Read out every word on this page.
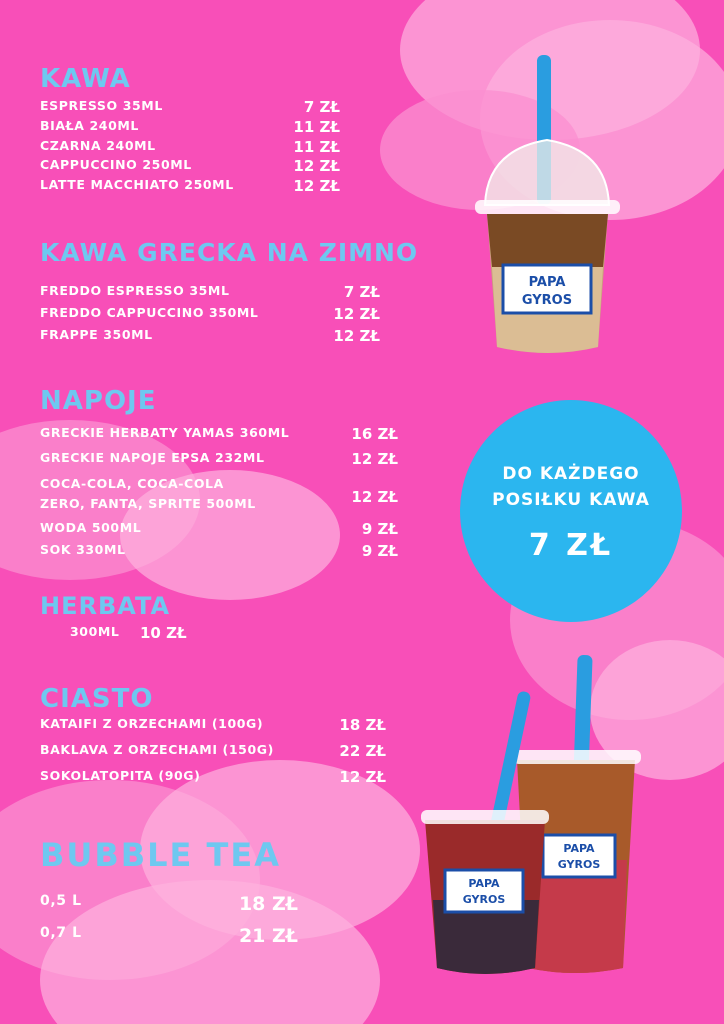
KAWA
ESPRESSO 35ML	7 ZŁ
BIAŁA 240ML	11 ZŁ
CZARNA 240ML	11 ZŁ
CAPPUCCINO 250ML	12 ZŁ
LATTE MACCHIATO 250ML	12 ZŁ
KAWA GRECKA NA ZIMNO
FREDDO ESPRESSO 35ML	7 ZŁ
FREDDO CAPPUCCINO 350ML	12 ZŁ
FRAPPE 350ML	12 ZŁ
NAPOJE
GRECKIE HERBATY YAMAS 360ML	16 ZŁ
GRECKIE NAPOJE EPSA 232ML	12 ZŁ
COCA-COLA, COCA-COLA
ZERO, FANTA, SPRITE 500ML	12 ZŁ
WODA 500ML	9 ZŁ
SOK 330ML	9 ZŁ
HERBATA
300ML 10 ZŁ
CIASTO
KATAIFI Z ORZECHAMI (100G)	18 ZŁ
BAKLAVA Z ORZECHAMI (150G)	22 ZŁ
SOKOLATOPITA (90G)	12 ZŁ
BUBBLE TEA
0,5 L	18 ZŁ
0,7 L	21 ZŁ
DO KAŻDEGO
POSIŁKU KAWA
7 ZŁ
PAPA
GYROS
PAPA
GYROS
PAPA
GYROS
